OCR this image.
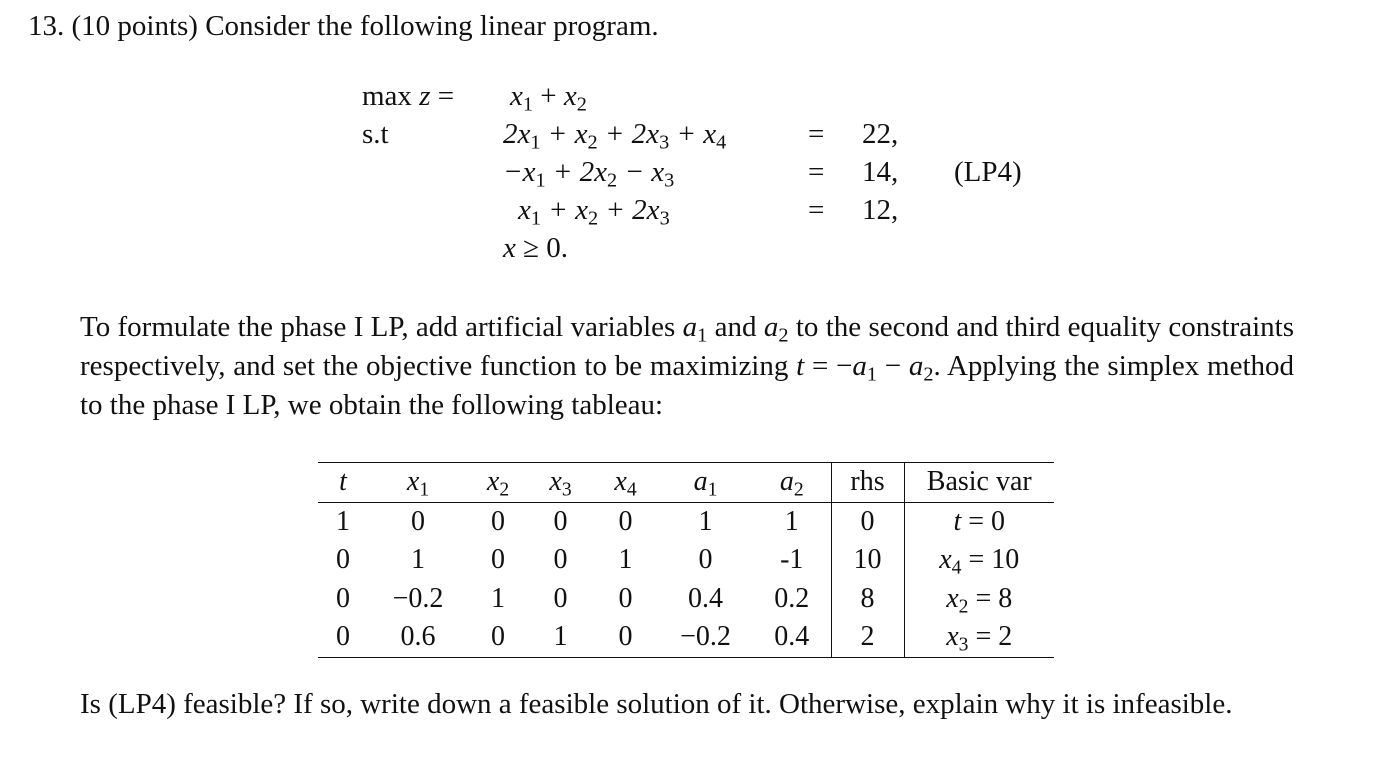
13. (10 points) Consider the following linear program.
$\max z = x_1 + x_2$
s.t	$2x_1 + x_2 + 2x_3 + x_4$	= 22,
$-x_1 + 2x_2 - x_3$	= 14, (LP4)
$x_1 + x_2 + 2x_3$	= 12,
x ≥ 0.
To formulate the phase I LP, add artificial variables $a_1$ and $a_2$ to the second and third equality constraints respectively, and set the objective function to be maximizing $t = -a_1 - a_2$. Applying the simplex method to the phase I LP, we obtain the following tableau:
t	$x_1$	$x_2$	$x_3$	$x_4$	$a_1$	$a_2$	rhs	Basic var
1	0	0	0	0	1	1	0	t = 0
0	1	0	0	1	0	-1	10	$x_4 = 10$
0	−0.2	1	0	0	0.4	0.2	8	$x_2 = 8$
0	0.6	0	1	0	−0.2	0.4	2	$x_3 = 2$
Is (LP4) feasible? If so, write down a feasible solution of it. Otherwise, explain why it is infeasible.
